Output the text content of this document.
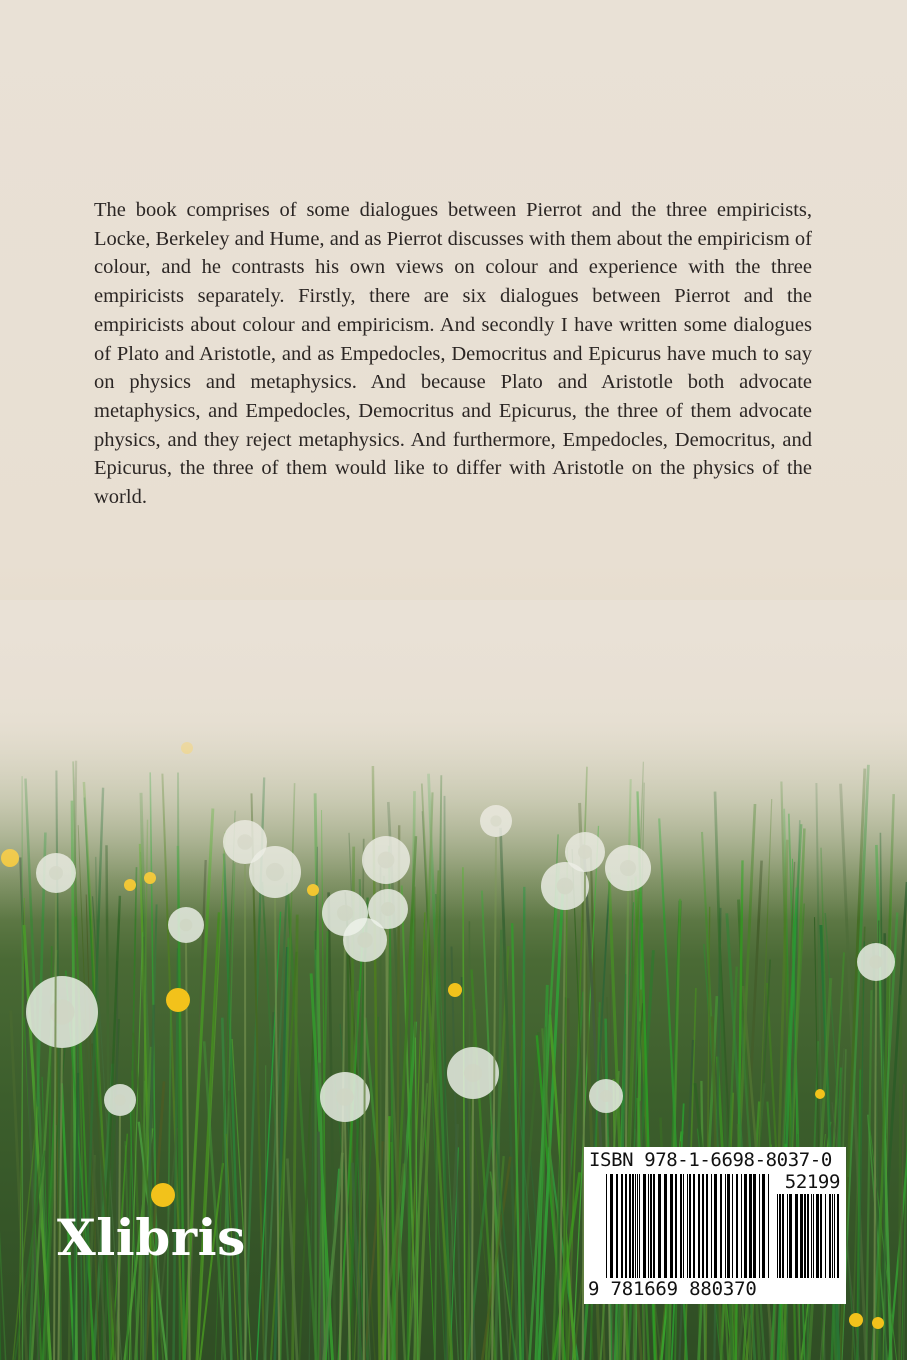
The book comprises of some dialogues between Pierrot and the three empiricists, Locke, Berkeley and Hume, and as Pierrot discusses with them about the empiricism of colour, and he contrasts his own views on colour and experience with the three empiricists separately. Firstly, there are six dialogues between Pierrot and the empiricists about colour and empiricism. And secondly I have written some dialogues of Plato and Aristotle, and as Empedocles, Democritus and Epicurus have much to say on physics and metaphysics. And because Plato and Aristotle both advocate metaphysics, and Empedocles, Democritus and Epicurus, the three of them advocate physics, and they reject metaphysics. And furthermore, Empedocles, Democritus, and Epicurus, the three of them would like to differ with Aristotle on the physics of the world.

Xlibris
ISBN 978-1-6698-8037-0
52199
9 781669 880370
